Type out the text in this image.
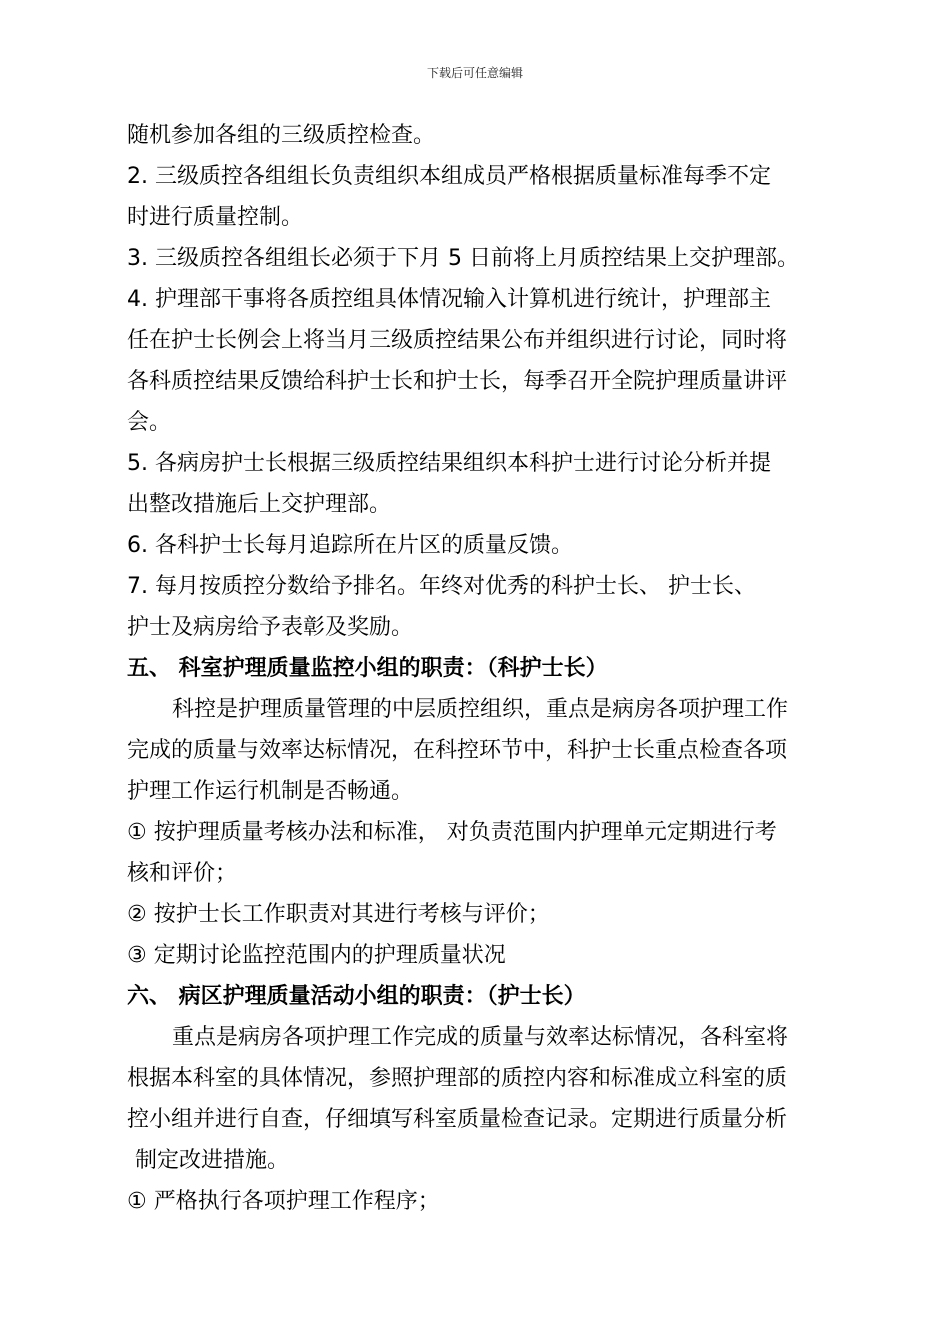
下载后可任意编辑
随机参加各组的三级质控检查。
2. 三级质控各组组长负责组织本组成员严格根据质量标准每季不定
时进行质量控制。
3. 三级质控各组组长必须于下月 5 日前将上月质控结果上交护理部。
4. 护理部干事将各质控组具体情况输入计算机进行统计，护理部主
任在护士长例会上将当月三级质控结果公布并组织进行讨论，同时将
各科质控结果反馈给科护士长和护士长，每季召开全院护理质量讲评
会。
5. 各病房护士长根据三级质控结果组织本科护士进行讨论分析并提
出整改措施后上交护理部。
6. 各科护士长每月追踪所在片区的质量反馈。
7. 每月按质控分数给予排名。年终对优秀的科护士长、 护士长、
护士及病房给予表彰及奖励。
五、 科室护理质量监控小组的职责：（科护士长）
科控是护理质量管理的中层质控组织，重点是病房各项护理工作
完成的质量与效率达标情况，在科控环节中，科护士长重点检查各项
护理工作运行机制是否畅通。
① 按护理质量考核办法和标准， 对负责范围内护理单元定期进行考
核和评价；
② 按护士长工作职责对其进行考核与评价；
③ 定期讨论监控范围内的护理质量状况
六、 病区护理质量活动小组的职责：（护士长）
重点是病房各项护理工作完成的质量与效率达标情况，各科室将
根据本科室的具体情况，参照护理部的质控内容和标准成立科室的质
控小组并进行自查，仔细填写科室质量检查记录。定期进行质量分析
制定改进措施。
① 严格执行各项护理工作程序；
